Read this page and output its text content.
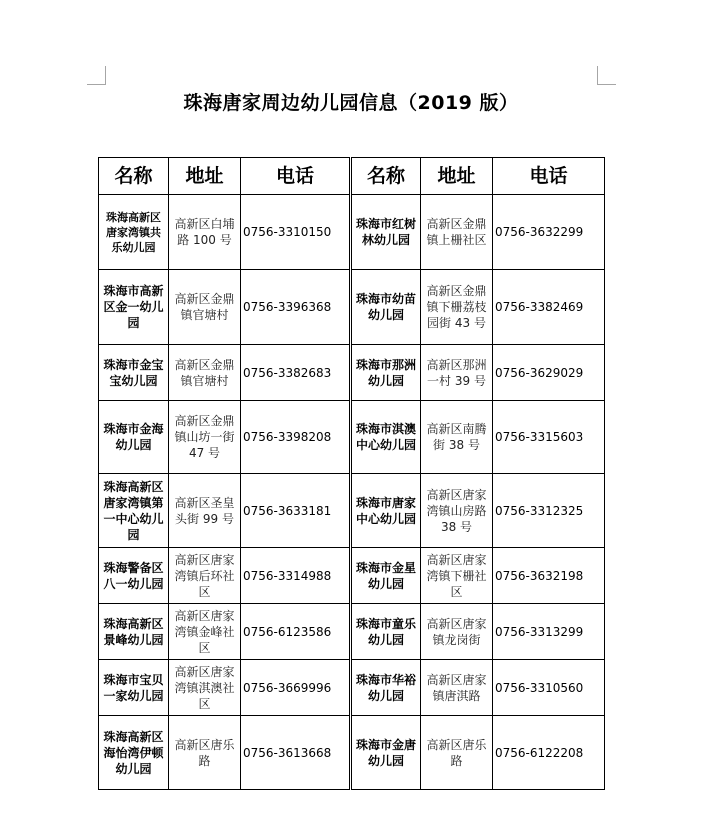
珠海唐家周边幼儿园信息（2019 版）
名称	地址	电话	名称	地址	电话
珠海高新区唐家湾镇共乐幼儿园	高新区白埔路 100 号	0756-3310150	珠海市红树林幼儿园	高新区金鼎镇上栅社区	0756-3632299
珠海市高新区金一幼儿园	高新区金鼎镇官塘村	0756-3396368	珠海市幼苗幼儿园	高新区金鼎镇下栅荔枝园街 43 号	0756-3382469
珠海市金宝宝幼儿园	高新区金鼎镇官塘村	0756-3382683	珠海市那洲幼儿园	高新区那洲一村 39 号	0756-3629029
珠海市金海幼儿园	高新区金鼎镇山坊一街 47 号	0756-3398208	珠海市淇澳中心幼儿园	高新区南腾街 38 号	0756-3315603
珠海高新区唐家湾镇第一中心幼儿园	高新区圣皇头街 99 号	0756-3633181	珠海市唐家中心幼儿园	高新区唐家湾镇山房路 38 号	0756-3312325
珠海警备区八一幼儿园	高新区唐家湾镇后环社区	0756-3314988	珠海市金星幼儿园	高新区唐家湾镇下栅社区	0756-3632198
珠海高新区景峰幼儿园	高新区唐家湾镇金峰社区	0756-6123586	珠海市童乐幼儿园	高新区唐家镇龙岗街	0756-3313299
珠海市宝贝一家幼儿园	高新区唐家湾镇淇澳社区	0756-3669996	珠海市华裕幼儿园	高新区唐家镇唐淇路	0756-3310560
珠海高新区海怡湾伊顿幼儿园	高新区唐乐路	0756-3613668	珠海市金唐幼儿园	高新区唐乐路	0756-6122208
